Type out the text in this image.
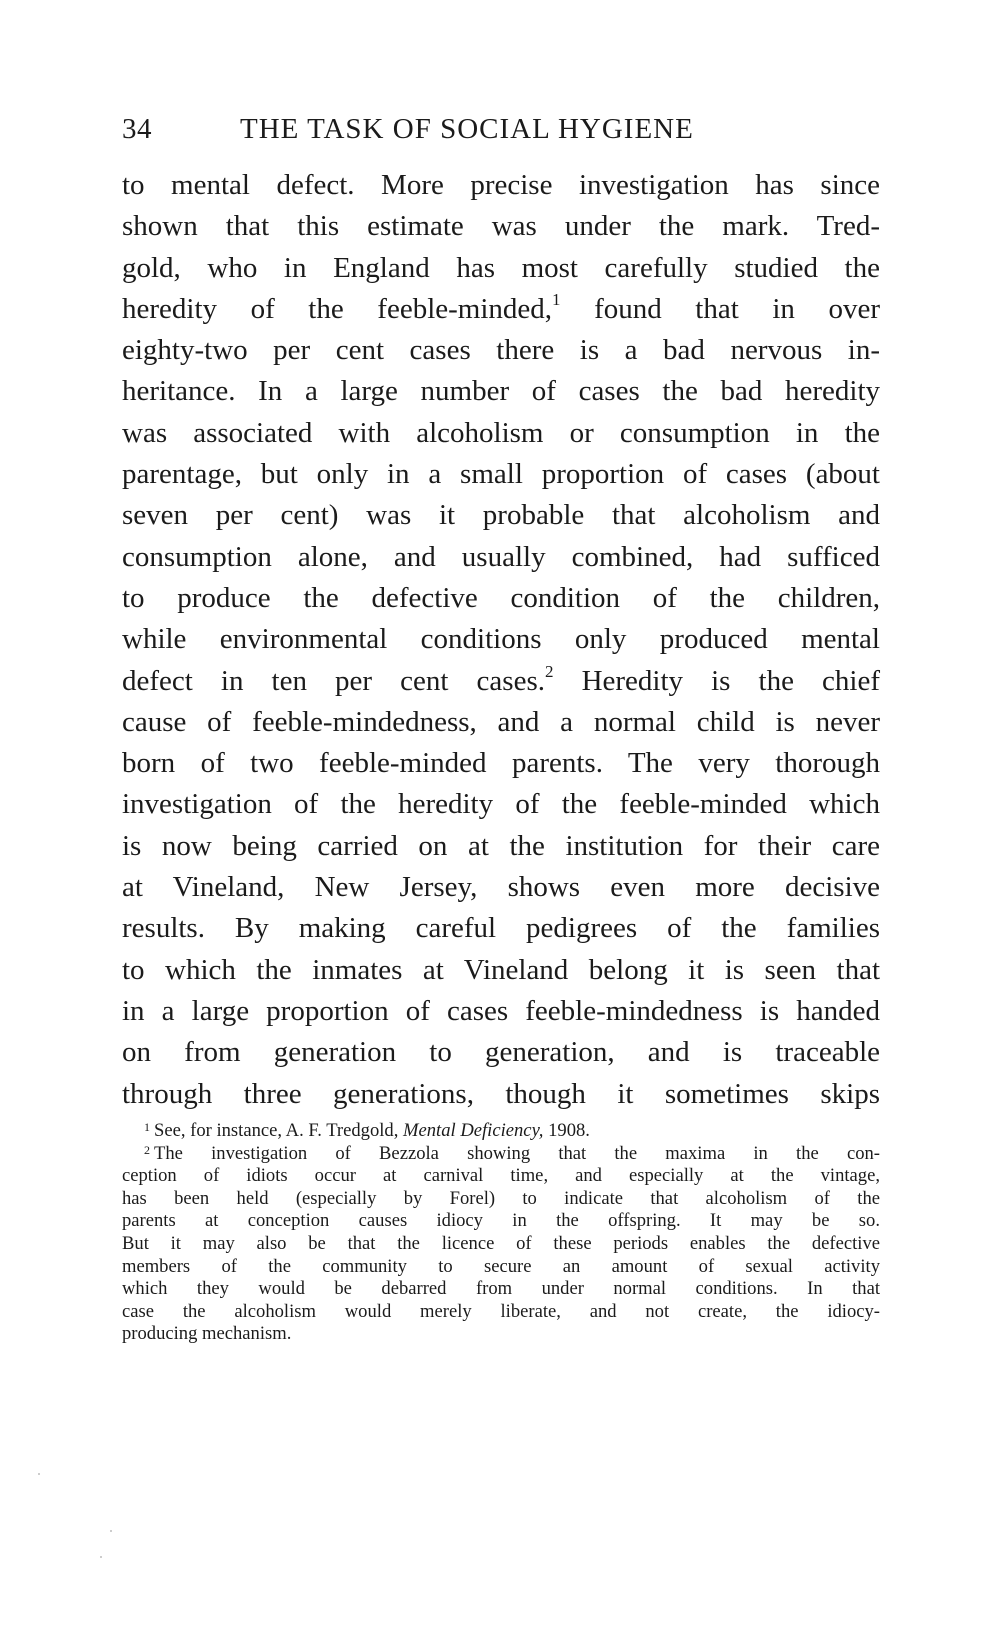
34	THE TASK OF SOCIAL HYGIENE
to mental defect. More precise investigation has since
shown that this estimate was under the mark. Tred-
gold, who in England has most carefully studied the
heredity of the feeble-minded,$^1$ found that in over
eighty-two per cent cases there is a bad nervous in-
heritance. In a large number of cases the bad heredity
was associated with alcoholism or consumption in the
parentage, but only in a small proportion of cases (about
seven per cent) was it probable that alcoholism and
consumption alone, and usually combined, had sufficed
to produce the defective condition of the children,
while environmental conditions only produced mental
defect in ten per cent cases.$^2$ Heredity is the chief
cause of feeble-mindedness, and a normal child is never
born of two feeble-minded parents. The very thorough
investigation of the heredity of the feeble-minded which
is now being carried on at the institution for their care
at Vineland, New Jersey, shows even more decisive
results. By making careful pedigrees of the families
to which the inmates at Vineland belong it is seen that
in a large proportion of cases feeble-mindedness is handed
on from generation to generation, and is traceable
through three generations, though it sometimes skips
$^1$ See, for instance, A. F. Tredgold, Mental Deficiency, 1908.
$^2$ The investigation of Bezzola showing that the maxima in the con-
ception of idiots occur at carnival time, and especially at the vintage,
has been held (especially by Forel) to indicate that alcoholism of the
parents at conception causes idiocy in the offspring. It may be so.
But it may also be that the licence of these periods enables the defective
members of the community to secure an amount of sexual activity
which they would be debarred from under normal conditions. In that
case the alcoholism would merely liberate, and not create, the idiocy-
producing mechanism.
